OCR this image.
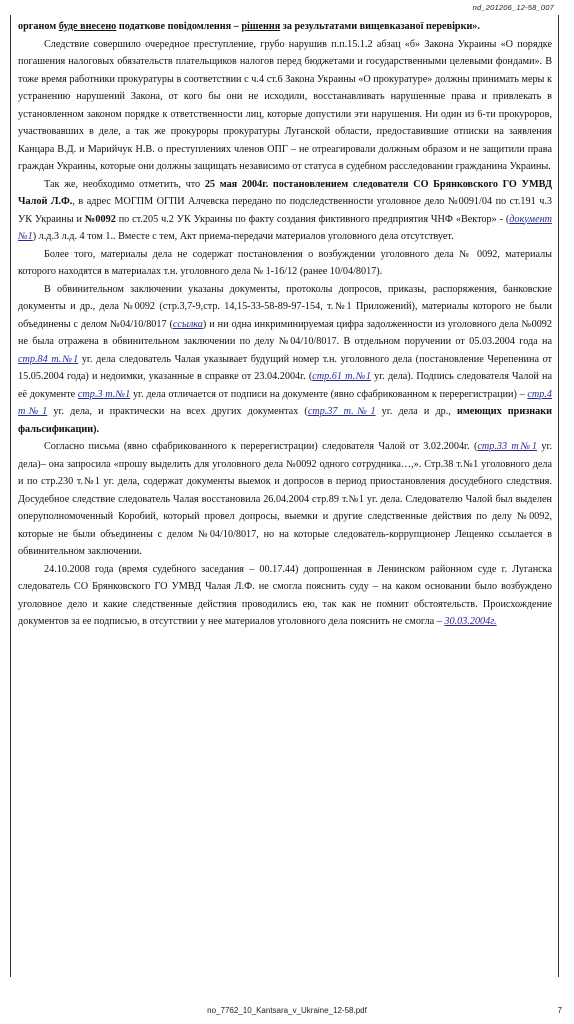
nd_201206_12-58_007

органом буде внесено податкове повідомлення – рішення за результатами вищевказаної перевірки».

Следствие совершило очередное преступление, грубо нарушив п.п.15.1.2 абзац «б» Закона Украины «О порядке погашения налоговых обязательств плательщиков налогов перед бюджетами и государственными целевыми фондами». В тоже время работники прокуратуры в соответствии с ч.4 ст.6 Закона Украины «О прокуратуре» должны принимать меры к устранению нарушений Закона, от кого бы они не исходили, восстанавливать нарушенные права и привлекать в установленном законом порядке к ответственности лиц, которые допустили эти нарушения. Ни один из 6-ти прокуроров, участвовавших в деле, а так же прокуроры прокуратуры Луганской области, предоставившие отписки на заявления Канцара В.Д. и Марийчук Н.В. о преступлениях членов ОПГ – не отреагировали должным образом и не защитили права граждан Украины, которые они должны защищать независимо от статуса в судебном расследовании гражданина Украины.

Так же, необходимо отметить, что 25 мая 2004г. постановлением следователя СО Брянковского ГО УМВД Чалой Л.Ф., в адрес МОГПМ ОГПИ Алчевска передано по подследственности уголовное дело №0091/04 по ст.191 ч.3 УК Украины и №0092 по ст.205 ч.2 УК Украины по факту создания фиктивного предприятия ЧНФ «Вектор» - (документ №1) л.д.3 л.д. 4 том 1.. Вместе с тем, Акт приема-передачи материалов уголовного дела отсутствует.

Более того, материалы дела не содержат постановления о возбуждении уголовного дела № 0092, материалы которого находятся в материалах т.н. уголовного дела № 1-16/12 (ранее 10/04/8017).

В обвинительном заключении указаны документы, протоколы допросов, приказы, распоряжения, банковские документы и др., дела №0092 (стр.3,7-9,стр. 14,15-33-58-89-97-154, т.№1 Приложений), материалы которого не были объединены с делом №04/10/8017 (ссылка) и ни одна инкриминируемая цифра задолженности из уголовного дела №0092 не была отражена в обвинительном заключении по делу №04/10/8017. В отдельном поручении от 05.03.2004 года на стр.84 т.№1 уг. дела следователь Чалая указывает будущий номер т.н. уголовного дела (постановление Черепенина от 15.05.2004 года) и недоимки, указанные в справке от 23.04.2004г. (стр.61 т.№1 уг. дела). Подпись следователя Чалой на её документе стр.3 т.№1 уг. дела отличается от подписи на документе (явно сфабрикованном к перерегистрации) – стр.4 т№1 уг. дела, и практически на всех других документах (стр.37 т.№1 уг. дела и др., имеющих признаки фальсификации).

Согласно письма (явно сфабрикованного к перерегистрации) следователя Чалой от 3.02.2004г. (стр.33 т№1 уг. дела)– она запросила «прошу выделить для уголовного дела №0092 одного сотрудника…,». Стр.38 т.№1 уголовного дела и по стр.230 т.№1 уг. дела, содержат документы выемок и допросов в период приостановления досудебного следствия. Досудебное следствие следователь Чалая восстановила 26.04.2004 стр.89 т.№1 уг. дела. Следователю Чалой был выделен оперуполномоченный Коробий, который провел допросы, выемки и другие следственные действия по делу №0092, которые не были объединены с делом №04/10/8017, но на которые следователь-коррупционер Лещенко ссылается в обвинительном заключении.

24.10.2008 года (время судебного заседания – 00.17.44) допрошенная в Ленинском районном суде г. Луганска следователь СО Брянковского ГО УМВД Чалая Л.Ф. не смогла пояснить суду – на каком основании было возбуждено уголовное дело и какие следственные действия проводились ею, так как не помнит обстоятельств. Происхождение документов за ее подписью, в отсутствии у нее материалов уголовного дела пояснить не смогла – 30.03.2004г.

no_7762_10_Kantsara_v_Ukraine_12-58.pdf	7
